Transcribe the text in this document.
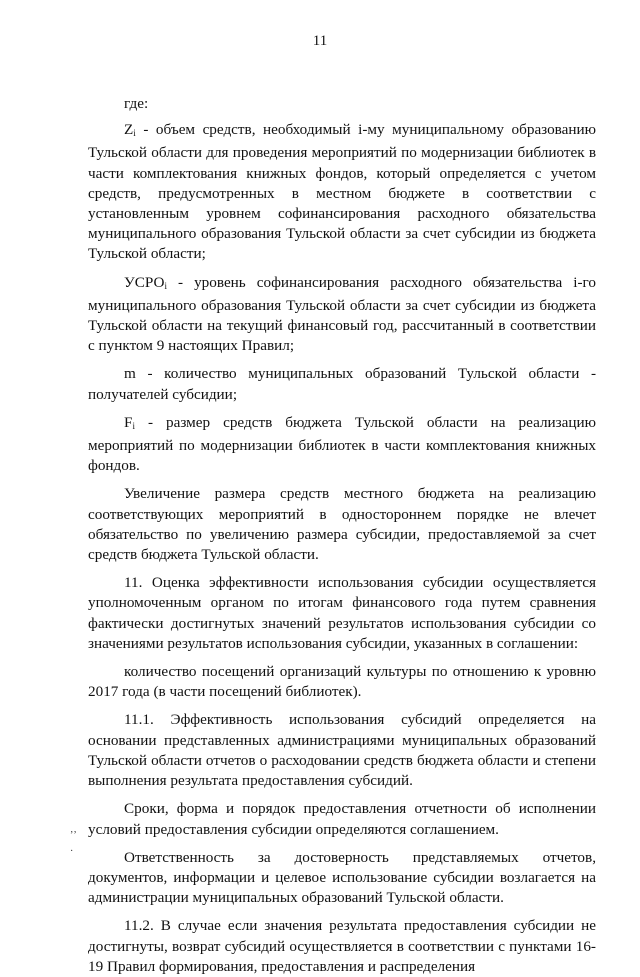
11

где:

$Z_i$ - объем средств, необходимый i-му муниципальному образованию Тульской области для проведения мероприятий по модернизации библиотек в части комплектования книжных фондов, который определяется с учетом средств, предусмотренных в местном бюджете в соответствии с установленным уровнем софинансирования расходного обязательства муниципального образования Тульской области за счет субсидии из бюджета Тульской области;

$УСРО_i$ - уровень софинансирования расходного обязательства i-го муниципального образования Тульской области за счет субсидии из бюджета Тульской области на текущий финансовый год, рассчитанный в соответствии с пунктом 9 настоящих Правил;

m - количество муниципальных образований Тульской области - получателей субсидии;

$F_i$ - размер средств бюджета Тульской области на реализацию мероприятий по модернизации библиотек в части комплектования книжных фондов.

Увеличение размера средств местного бюджета на реализацию соответствующих мероприятий в одностороннем порядке не влечет обязательство по увеличению размера субсидии, предоставляемой за счет средств бюджета Тульской области.

11. Оценка эффективности использования субсидии осуществляется уполномоченным органом по итогам финансового года путем сравнения фактически достигнутых значений результатов использования субсидии со значениями результатов использования субсидии, указанных в соглашении:

количество посещений организаций культуры по отношению к уровню 2017 года (в части посещений библиотек).

11.1. Эффективность использования субсидий определяется на основании представленных администрациями муниципальных образований Тульской области отчетов о расходовании средств бюджета области и степени выполнения результата предоставления субсидий.

Сроки, форма и порядок предоставления отчетности об исполнении условий предоставления субсидии определяются соглашением.

Ответственность за достоверность представляемых отчетов, документов, информации и целевое использование субсидии возлагается на администрации муниципальных образований Тульской области.

11.2. В случае если значения результата предоставления субсидии не достигнуты, возврат субсидий осуществляется в соответствии с пунктами 16-19 Правил формирования, предоставления и распределения

‚‚
·
